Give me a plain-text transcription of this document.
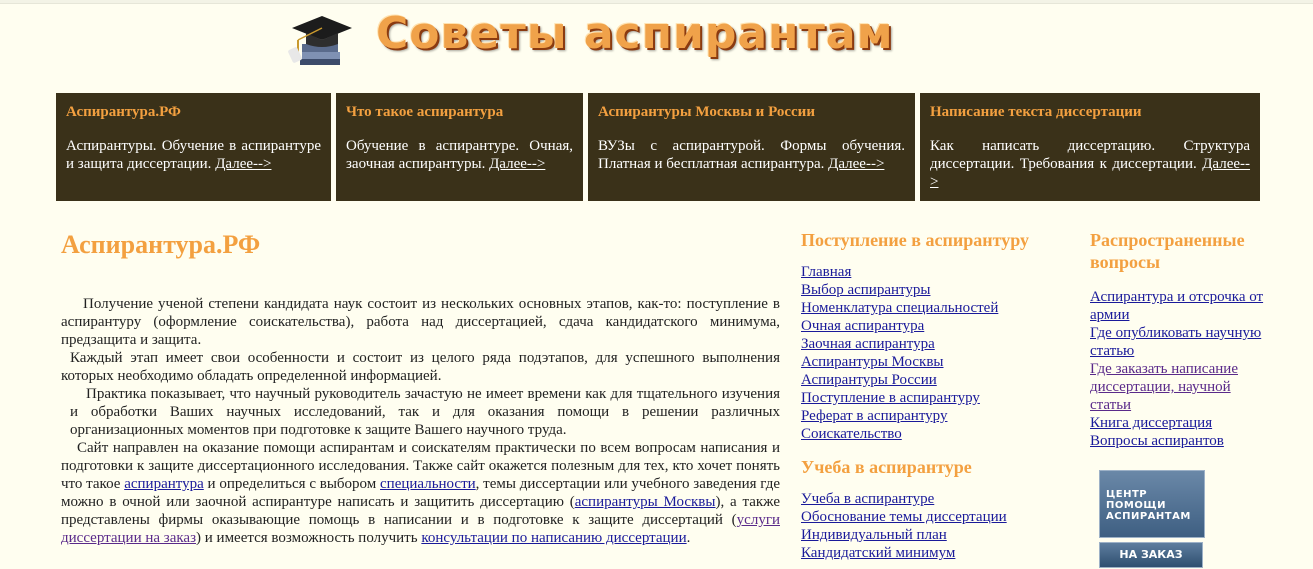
Советы аспирантам
Аспирантура.РФ
Аспирантуры. Обучение в аспирантуре и защита диссертации. Далее-->
Что такое аспирантура
Обучение в аспирантуре. Очная, заочная аспирантуры. Далее-->
Аспирантуры Москвы и России
ВУЗы с аспирантурой. Формы обучения. Платная и бесплатная аспирантура. Далее-->
Написание текста диссертации
Как написать диссертацию. Структура диссертации. Требования к диссертации. Далее-->
Аспирантура.РФ

Получение ученой степени кандидата наук состоит из нескольких основных этапов, как-то: поступление в аспирантуру (оформление соискательства), работа над диссертацией, сдача кандидатского минимума, предзащита и защита.

Каждый этап имеет свои особенности и состоит из целого ряда подэтапов, для успешного выполнения которых необходимо обладать определенной информацией.

Практика показывает, что научный руководитель зачастую не имеет времени как для тщательного изучения и обработки Ваших научных исследований, так и для оказания помощи в решении различных организационных моментов при подготовке к защите Вашего научного труда.

Сайт направлен на оказание помощи аспирантам и соискателям практически по всем вопросам написания и подготовки к защите диссертационного исследования. Также сайт окажется полезным для тех, кто хочет понять что такое аспирантура и определиться с выбором специальности, темы диссертации или учебного заведения где можно в очной или заочной аспирантуре написать и защитить диссертацию (аспирантуры Москвы), а также представлены фирмы оказывающие помощь в написании и в подготовке к защите диссертаций (услуги диссертации на заказ) и имеется возможность получить консультации по написанию диссертации.

Поступление в аспирантуру
Главная
Выбор аспирантуры
Номенклатура специальностей
Очная аспирантура
Заочная аспирантура
Аспирантуры Москвы
Аспирантуры России
Поступление в аспирантуру
Реферат в аспирантуру
Соискательство
Учеба в аспирантуре
Учеба в аспирантуре
Обоснование темы диссертации
Индивидуальный план
Кандидатский минимум
Распространенные вопросы
Аспирантура и отсрочка от армии
Где опубликовать научную статью
Где заказать написание диссертации, научной статьи
Книга диссертация
Вопросы аспирантов
ЦЕНТР ПОМОЩИ АСПИРАНТАМ
НА ЗАКАЗ
